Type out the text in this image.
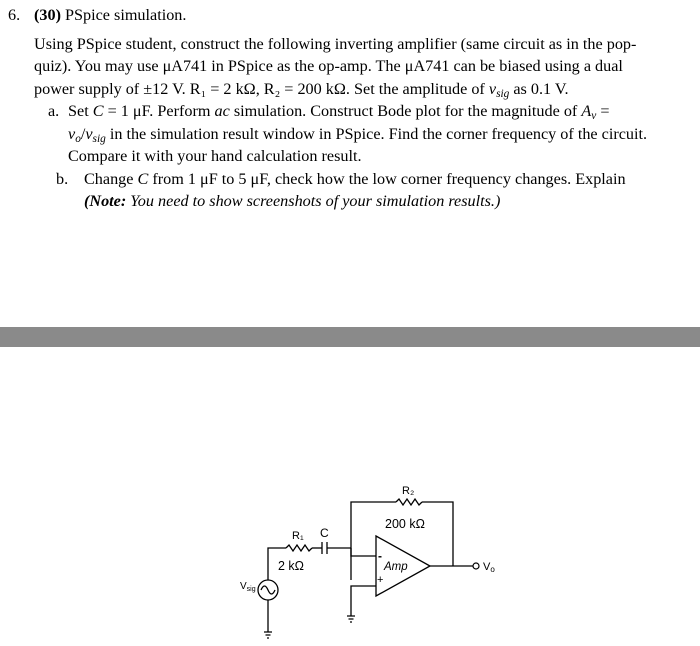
6. (30) PSpice simulation.
Using PSpice student, construct the following inverting amplifier (same circuit as in the pop-
quiz). You may use μA741 in PSpice as the op-amp. The μA741 can be biased using a dual
power supply of ±12 V. R₁ = 2 kΩ, R₂ = 200 kΩ. Set the amplitude of $v_{sig}$ as 0.1 V.
a. Set C = 1 μF. Perform ac simulation. Construct Bode plot for the magnitude of $A_v$ =
$v_o/v_{sig}$ in the simulation result window in PSpice. Find the corner frequency of the circuit.
Compare it with your hand calculation result.
b. Change C from 1 μF to 5 μF, check how the low corner frequency changes. Explain
(Note: You need to show screenshots of your simulation results.)
R₂
200 kΩ
R₁
2 kΩ
C
Amp
-
+
Vo
$V_{sig}$
